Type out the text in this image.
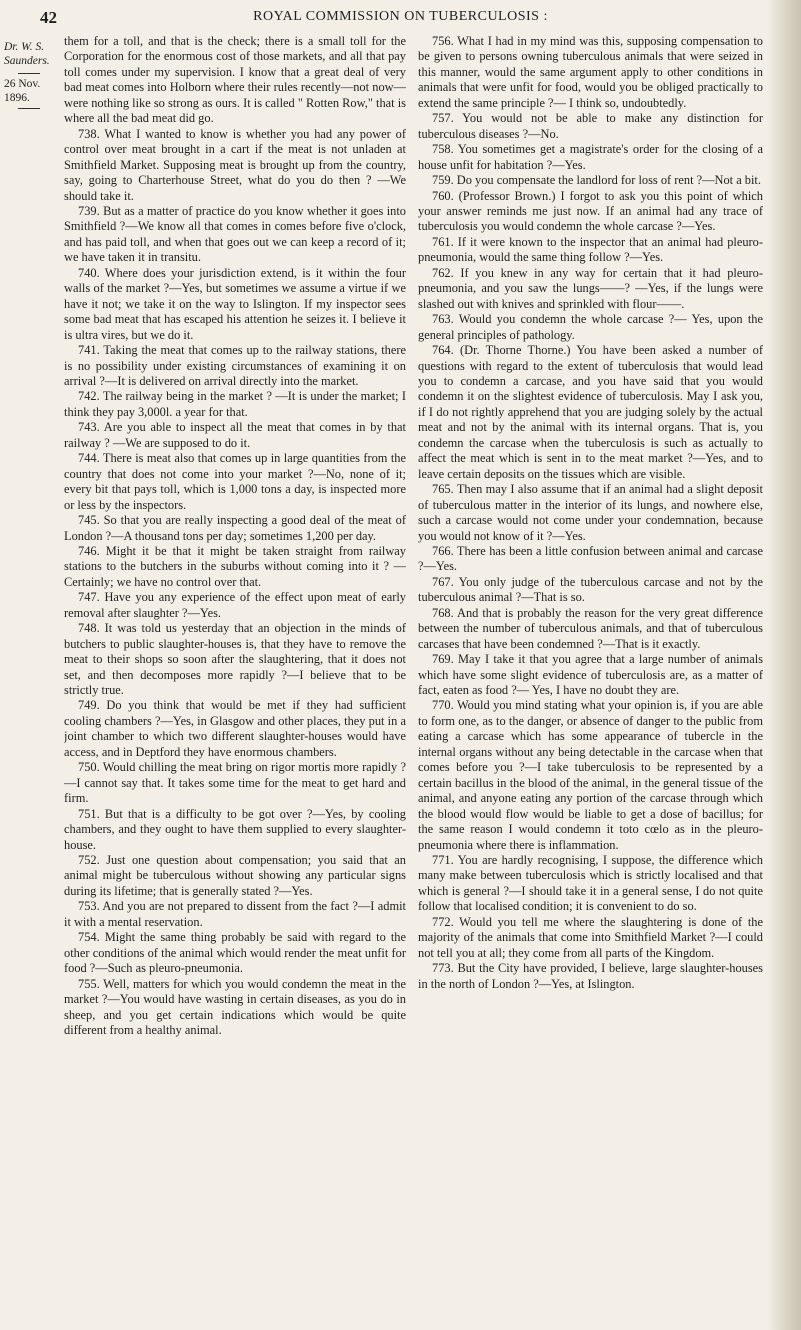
42	ROYAL COMMISSION ON TUBERCULOSIS :
Dr. W. S. Saunders.
26 Nov. 1896.

them for a toll, and that is the check; there is a small toll for the Corporation for the enormous cost of those markets, and all that pay toll comes under my supervision. I know that a great deal of very bad meat comes into Holborn where their rules recently—not now—were nothing like so strong as ours. It is called " Rotten Row," that is where all the bad meat did go.

738. What I wanted to know is whether you had any power of control over meat brought in a cart if the meat is not unladen at Smithfield Market. Supposing meat is brought up from the country, say, going to Charterhouse Street, what do you do then ? —We should take it.

739. But as a matter of practice do you know whether it goes into Smithfield ?—We know all that comes in comes before five o'clock, and has paid toll, and when that goes out we can keep a record of it; we have taken it in transitu.

740. Where does your jurisdiction extend, is it within the four walls of the market ?—Yes, but sometimes we assume a virtue if we have it not; we take it on the way to Islington. If my inspector sees some bad meat that has escaped his attention he seizes it. I believe it is ultra vires, but we do it.

741. Taking the meat that comes up to the railway stations, there is no possibility under existing circumstances of examining it on arrival ?—It is delivered on arrival directly into the market.

742. The railway being in the market ? —It is under the market; I think they pay 3,000l. a year for that.

743. Are you able to inspect all the meat that comes in by that railway ? —We are supposed to do it.

744. There is meat also that comes up in large quantities from the country that does not come into your market ?—No, none of it; every bit that pays toll, which is 1,000 tons a day, is inspected more or less by the inspectors.

745. So that you are really inspecting a good deal of the meat of London ?—A thousand tons per day; sometimes 1,200 per day.

746. Might it be that it might be taken straight from railway stations to the butchers in the suburbs without coming into it ? —Certainly; we have no control over that.

747. Have you any experience of the effect upon meat of early removal after slaughter ?—Yes.

748. It was told us yesterday that an objection in the minds of butchers to public slaughter-houses is, that they have to remove the meat to their shops so soon after the slaughtering, that it does not set, and then decomposes more rapidly ?—I believe that to be strictly true.

749. Do you think that would be met if they had sufficient cooling chambers ?—Yes, in Glasgow and other places, they put in a joint chamber to which two different slaughter-houses would have access, and in Deptford they have enormous chambers.

750. Would chilling the meat bring on rigor mortis more rapidly ?—I cannot say that. It takes some time for the meat to get hard and firm.

751. But that is a difficulty to be got over ?—Yes, by cooling chambers, and they ought to have them supplied to every slaughter-house.

752. Just one question about compensation; you said that an animal might be tuberculous without showing any particular signs during its lifetime; that is generally stated ?—Yes.

753. And you are not prepared to dissent from the fact ?—I admit it with a mental reservation.

754. Might the same thing probably be said with regard to the other conditions of the animal which would render the meat unfit for food ?—Such as pleuro-pneumonia.

755. Well, matters for which you would condemn the meat in the market ?—You would have wasting in certain diseases, as you do in sheep, and you get certain indications which would be quite different from a healthy animal.

756. What I had in my mind was this, supposing compensation to be given to persons owning tuberculous animals that were seized in this manner, would the same argument apply to other conditions in animals that were unfit for food, would you be obliged practically to extend the same principle ?— I think so, undoubtedly.

757. You would not be able to make any distinction for tuberculous diseases ?—No.

758. You sometimes get a magistrate's order for the closing of a house unfit for habitation ?—Yes.

759. Do you compensate the landlord for loss of rent ?—Not a bit.

760. (Professor Brown.) I forgot to ask you this point of which your answer reminds me just now. If an animal had any trace of tuberculosis you would condemn the whole carcase ?—Yes.

761. If it were known to the inspector that an animal had pleuro-pneumonia, would the same thing follow ?—Yes.

762. If you knew in any way for certain that it had pleuro-pneumonia, and you saw the lungs——? —Yes, if the lungs were slashed out with knives and sprinkled with flour——.

763. Would you condemn the whole carcase ?— Yes, upon the general principles of pathology.

764. (Dr. Thorne Thorne.) You have been asked a number of questions with regard to the extent of tuberculosis that would lead you to condemn a carcase, and you have said that you would condemn it on the slightest evidence of tuberculosis. May I ask you, if I do not rightly apprehend that you are judging solely by the actual meat and not by the animal with its internal organs. That is, you condemn the carcase when the tuberculosis is such as actually to affect the meat which is sent in to the meat market ?—Yes, and to leave certain deposits on the tissues which are visible.

765. Then may I also assume that if an animal had a slight deposit of tuberculous matter in the interior of its lungs, and nowhere else, such a carcase would not come under your condemnation, because you would not know of it ?—Yes.

766. There has been a little confusion between animal and carcase ?—Yes.

767. You only judge of the tuberculous carcase and not by the tuberculous animal ?—That is so.

768. And that is probably the reason for the very great difference between the number of tuberculous animals, and that of tuberculous carcases that have been condemned ?—That is it exactly.

769. May I take it that you agree that a large number of animals which have some slight evidence of tuberculosis are, as a matter of fact, eaten as food ?— Yes, I have no doubt they are.

770. Would you mind stating what your opinion is, if you are able to form one, as to the danger, or absence of danger to the public from eating a carcase which has some appearance of tubercle in the internal organs without any being detectable in the carcase when that comes before you ?—I take tuberculosis to be represented by a certain bacillus in the blood of the animal, in the general tissue of the animal, and anyone eating any portion of the carcase through which the blood would flow would be liable to get a dose of bacillus; for the same reason I would condemn it toto cœlo as in the pleuro-pneumonia where there is inflammation.

771. You are hardly recognising, I suppose, the difference which many make between tuberculosis which is strictly localised and that which is general ?—I should take it in a general sense, I do not quite follow that localised condition; it is convenient to do so.

772. Would you tell me where the slaughtering is done of the majority of the animals that come into Smithfield Market ?—I could not tell you at all; they come from all parts of the Kingdom.

773. But the City have provided, I believe, large slaughter-houses in the north of London ?—Yes, at Islington.
